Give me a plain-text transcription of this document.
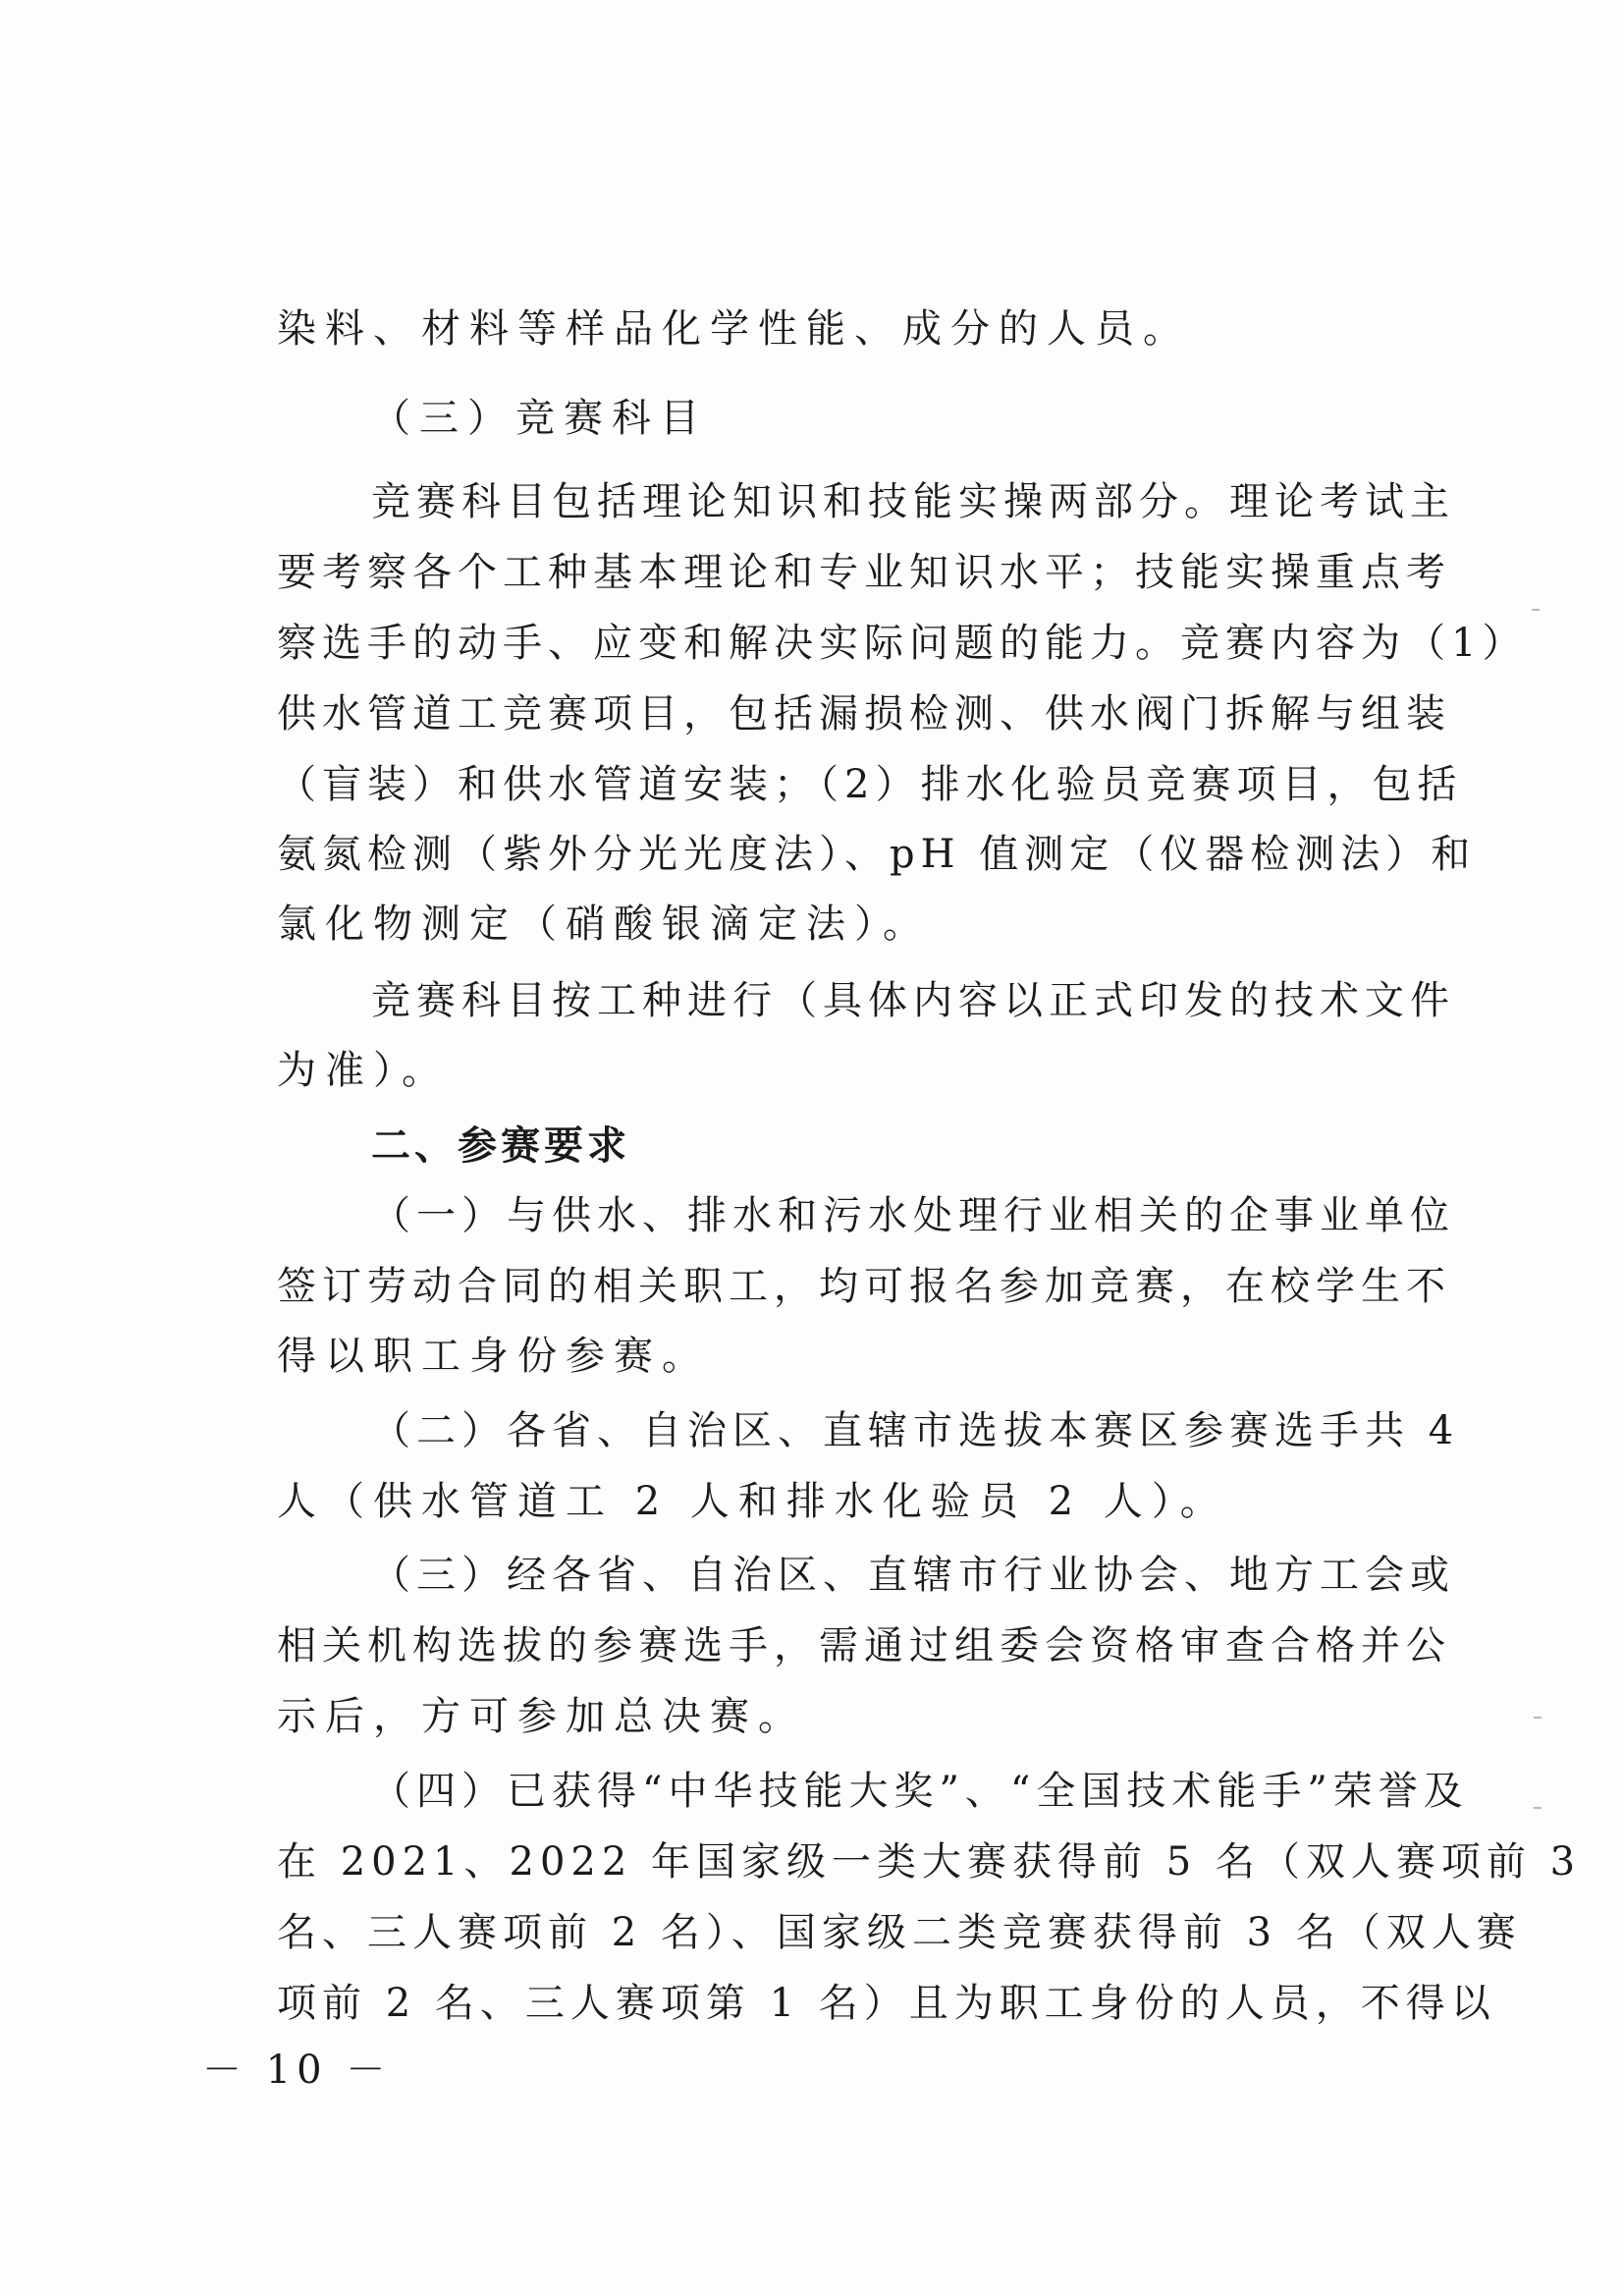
染料、材料等样品化学性能、成分的人员。
（三）竞赛科目
竞赛科目包括理论知识和技能实操两部分。理论考试主
要考察各个工种基本理论和专业知识水平；技能实操重点考
察选手的动手、应变和解决实际问题的能力。竞赛内容为（1）
供水管道工竞赛项目，包括漏损检测、供水阀门拆解与组装
（盲装）和供水管道安装；（2）排水化验员竞赛项目，包括
氨氮检测（紫外分光光度法）、pH 值测定（仪器检测法）和
氯化物测定（硝酸银滴定法）。
竞赛科目按工种进行（具体内容以正式印发的技术文件
为准）。
二、参赛要求
（一）与供水、排水和污水处理行业相关的企事业单位
签订劳动合同的相关职工，均可报名参加竞赛，在校学生不
得以职工身份参赛。
（二）各省、自治区、直辖市选拔本赛区参赛选手共 4
人（供水管道工 2 人和排水化验员 2 人）。
（三）经各省、自治区、直辖市行业协会、地方工会或
相关机构选拔的参赛选手，需通过组委会资格审查合格并公
示后，方可参加总决赛。
（四）已获得“中华技能大奖”、“全国技术能手”荣誉及
在 2021、2022 年国家级一类大赛获得前 5 名（双人赛项前 3
名、三人赛项前 2 名）、国家级二类竞赛获得前 3 名（双人赛
项前 2 名、三人赛项第 1 名）且为职工身份的人员，不得以
－ 10 －
